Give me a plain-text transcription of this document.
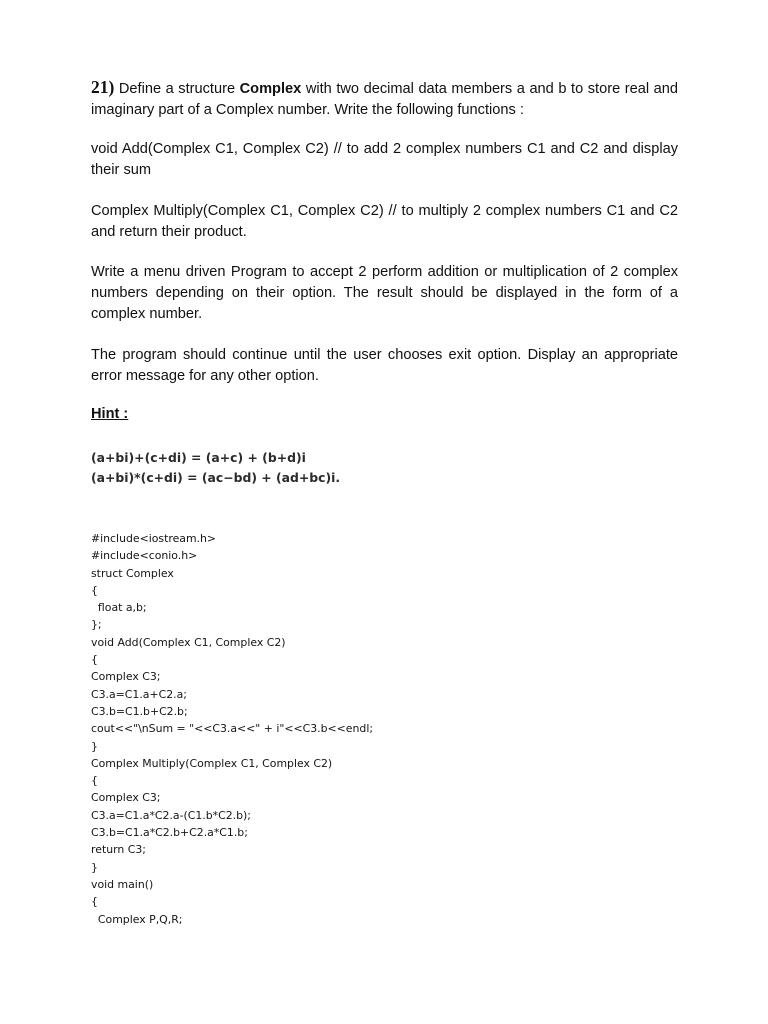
21) Define a structure Complex with two decimal data members a and b to store real and imaginary part of a Complex number. Write the following functions :

void Add(Complex C1, Complex C2) // to add 2 complex numbers C1 and C2 and display their sum

Complex Multiply(Complex C1, Complex C2) // to multiply 2 complex numbers C1 and C2 and return their product.

Write a menu driven Program to accept 2 perform addition or multiplication of 2 complex numbers depending on their option. The result should be displayed in the form of a complex number.

The program should continue until the user chooses exit option. Display an appropriate error message for any other option.

Hint :

(a+bi)+(c+di) = (a+c) + (b+d)i

(a+bi)*(c+di) = (ac−bd) + (ad+bc)i.

#include<iostream.h>
#include<conio.h>
struct Complex
{
float a,b;
};
void Add(Complex C1, Complex C2)
{
Complex C3;
C3.a=C1.a+C2.a;
C3.b=C1.b+C2.b;
cout<<"\nSum = "<<C3.a<<" + i"<<C3.b<<endl;
}
Complex Multiply(Complex C1, Complex C2)
{
Complex C3;
C3.a=C1.a*C2.a-(C1.b*C2.b);
C3.b=C1.a*C2.b+C2.a*C1.b;
return C3;
}
void main()
{
Complex P,Q,R;
